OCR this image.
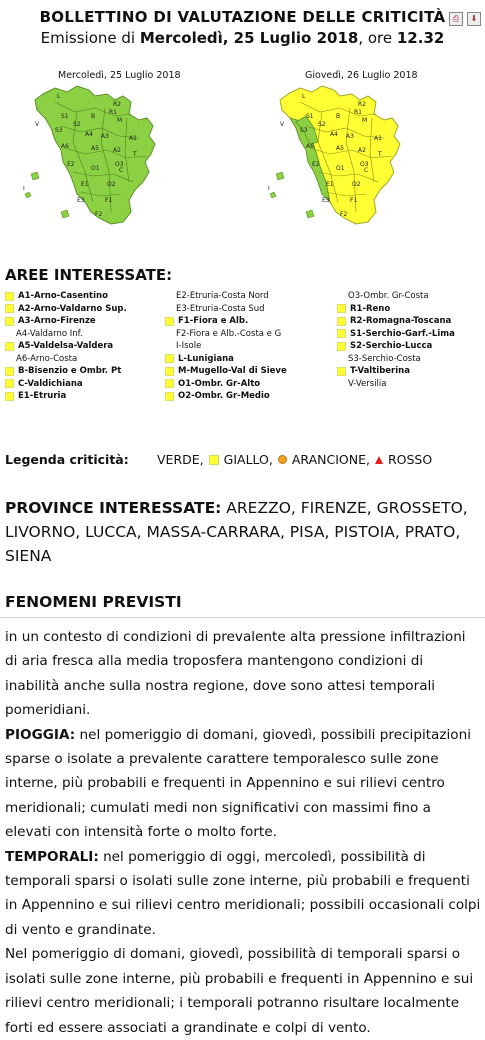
BOLLETTINO DI VALUTAZIONE DELLE CRITICITÀ
Emissione di Mercoledì, 25 Luglio 2018, ore 12.32
⎙	⬇
Mercoledì, 25 Luglio 2018	Giovedì, 26 Luglio 2018
L
R2
R1
S1	B
M
S2
S3
A4 A3	A1
A6	A5 A2
T
E2
O1	C
E1	O2
E3	F1
F2
O3
V
I
L
R2
R1
S1	B
M
S2
S3
A4 A3	A1
A6	A5 A2
T
E2
O1	C
E1	O2
E3	F1
F2
O3
V
I
AREE INTERESSATE:
A1-Arno-Casentino
A2-Arno-Valdarno Sup.
A3-Arno-Firenze
A4-Valdarno Inf.
A5-Valdelsa-Valdera
A6-Arno-Costa
B-Bisenzio e Ombr. Pt
C-Valdichiana
E1-Etruria
E2-Etruria-Costa Nord
E3-Etruria-Costa Sud
F1-Fiora e Alb.
F2-Fiora e Alb.-Costa e G
I-Isole
L-Lunigiana
M-Mugello-Val di Sieve
O1-Ombr. Gr-Alto
O2-Ombr. Gr-Medio
O3-Ombr. Gr-Costa
R1-Reno
R2-Romagna-Toscana
S1-Serchio-Garf.-Lima
S2-Serchio-Lucca
S3-Serchio-Costa
T-Valtiberina
V-Versilia
Legenda criticità: VERDE, GIALLO, ARANCIONE, ROSSO
PROVINCE INTERESSATE: AREZZO, FIRENZE, GROSSETO, LIVORNO, LUCCA, MASSA-CARRARA, PISA, PISTOIA, PRATO, SIENA
FENOMENI PREVISTI

in un contesto di condizioni di prevalente alta pressione infiltrazioni di aria fresca alla media troposfera mantengono condizioni di inabilità anche sulla nostra regione, dove sono attesi temporali pomeridiani.

PIOGGIA: nel pomeriggio di domani, giovedì, possibili precipitazioni sparse o isolate a prevalente carattere temporalesco sulle zone interne, più probabili e frequenti in Appennino e sui rilievi centro meridionali; cumulati medi non significativi con massimi fino a elevati con intensità forte o molto forte.

TEMPORALI: nel pomeriggio di oggi, mercoledì, possibilità di temporali sparsi o isolati sulle zone interne, più probabili e frequenti in Appennino e sui rilievi centro meridionali; possibili occasionali colpi di vento e grandinate.

Nel pomeriggio di domani, giovedì, possibilità di temporali sparsi o isolati sulle zone interne, più probabili e frequenti in Appennino e sui rilievi centro meridionali; i temporali potranno risultare localmente forti ed essere associati a grandinate e colpi di vento.
